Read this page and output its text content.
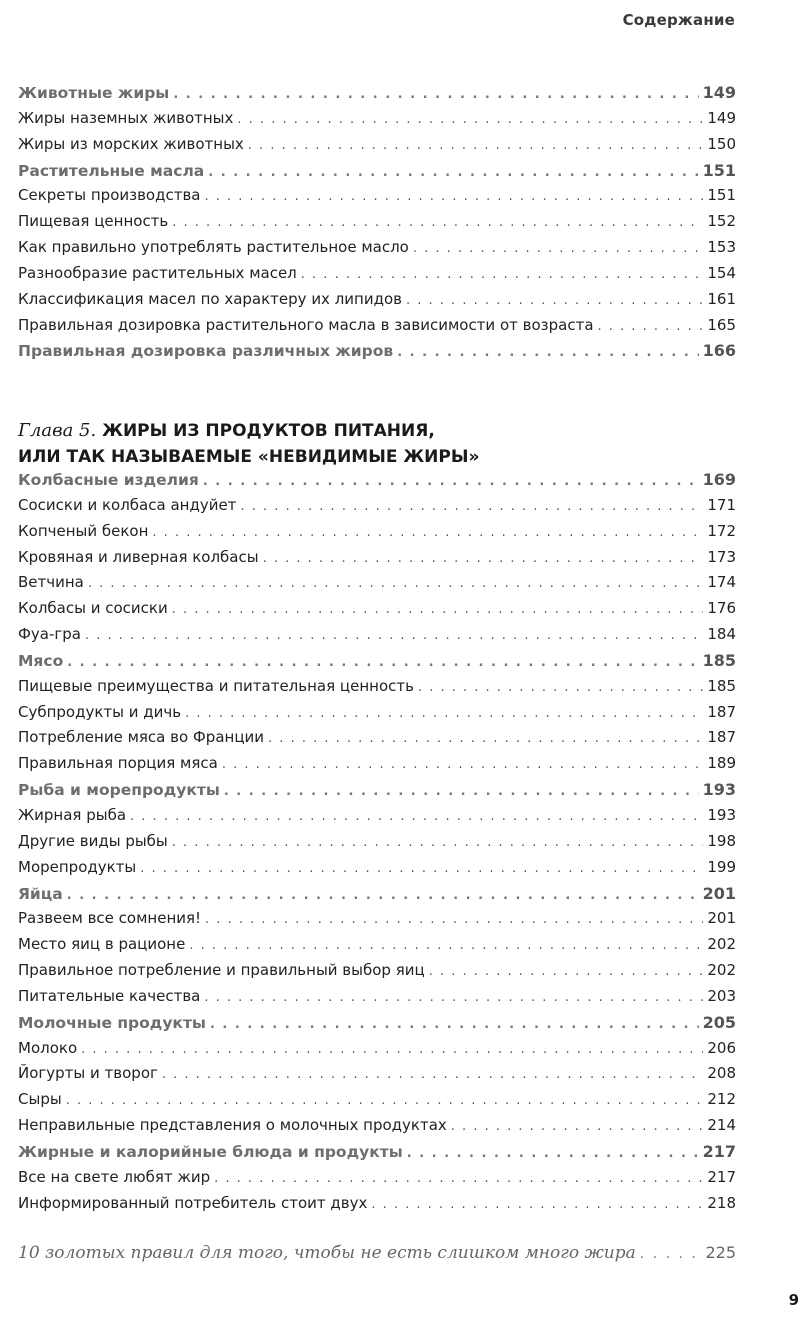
Содержание
Животные жиры . . .	149
Жиры наземных животных . . .	149
Жиры из морских животных . . .	150
Растительные масла . . .	151
Секреты производства . . .	151
Пищевая ценность . . .	152
Как правильно употреблять растительное масло . . .	153
Разнообразие растительных масел . . .	154
Классификация масел по характеру их липидов . . .	161
Правильная дозировка растительного масла в зависимости от возраста . . .	165
Правильная дозировка различных жиров . . .	166
Глава 5. ЖИРЫ ИЗ ПРОДУКТОВ ПИТАНИЯ,
ИЛИ ТАК НАЗЫВАЕМЫЕ «НЕВИДИМЫЕ ЖИРЫ»
Колбасные изделия . . .	169
Сосиски и колбаса андуйет . . .	171
Копченый бекон . . .	172
Кровяная и ливерная колбасы . . .	173
Ветчина . . .	174
Колбасы и сосиски . . .	176
Фуа-гра . . .	184
Мясо . . .	185
Пищевые преимущества и питательная ценность . . .	185
Субпродукты и дичь . . .	187
Потребление мяса во Франции . . .	187
Правильная порция мяса . . .	189
Рыба и морепродукты . . .	193
Жирная рыба . . .	193
Другие виды рыбы . . .	198
Морепродукты . . .	199
Яйца . . .	201
Развеем все сомнения! . . .	201
Место яиц в рационе . . .	202
Правильное потребление и правильный выбор яиц . . .	202
Питательные качества . . .	203
Молочные продукты . . .	205
Молоко . . .	206
Йогурты и творог . . .	208
Сыры . . .	212
Неправильные представления о молочных продуктах . . .	214
Жирные и калорийные блюда и продукты . . .	217
Все на свете любят жир . . .	217
Информированный потребитель стоит двух . . .	218
10 золотых правил для того, чтобы не есть слишком много жира . . .	225
9
